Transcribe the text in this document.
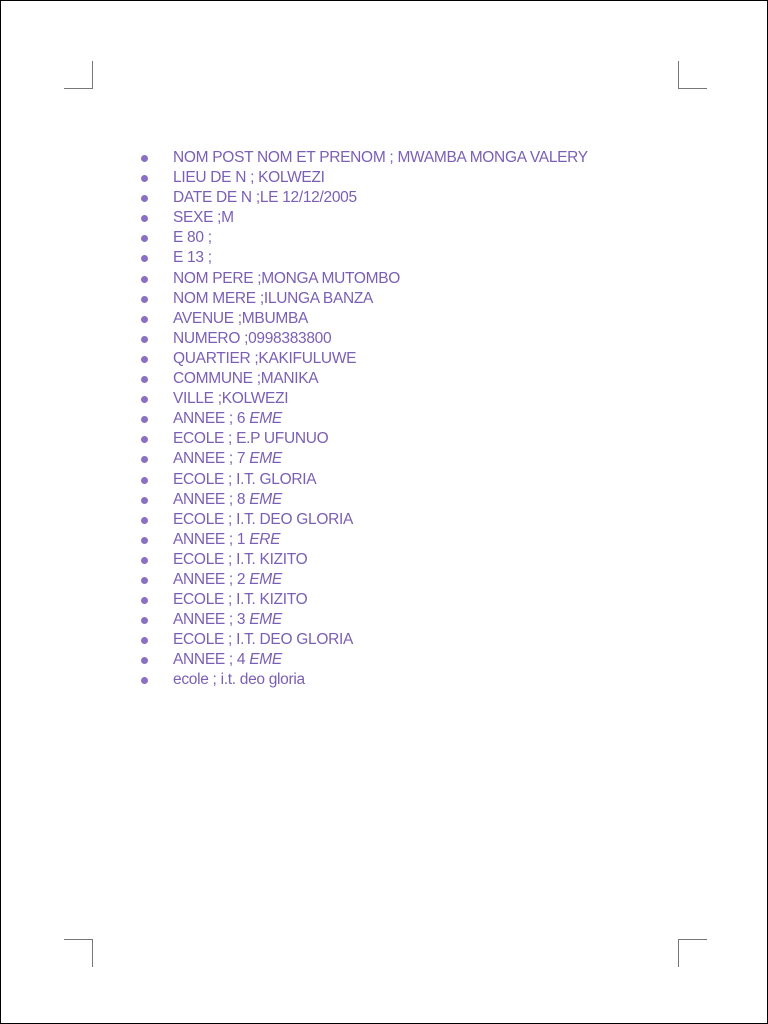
NOM POST NOM ET PRENOM ; MWAMBA MONGA VALERY
LIEU DE N ; KOLWEZI
DATE DE N ;LE 12/12/2005
SEXE ;M
E 80 ;
E 13 ;
NOM PERE ;MONGA MUTOMBO
NOM MERE ;ILUNGA BANZA
AVENUE ;MBUMBA
NUMERO ;0998383800
QUARTIER ;KAKIFULUWE
COMMUNE ;MANIKA
VILLE ;KOLWEZI
ANNEE ; 6 EME
ECOLE ; E.P UFUNUO
ANNEE ; 7 EME
ECOLE ; I.T. GLORIA
ANNEE ; 8 EME
ECOLE ; I.T. DEO GLORIA
ANNEE ; 1 ERE
ECOLE ; I.T. KIZITO
ANNEE ; 2 EME
ECOLE ; I.T. KIZITO
ANNEE ; 3 EME
ECOLE ; I.T. DEO GLORIA
ANNEE ; 4 EME
ecole ; i.t. deo gloria
